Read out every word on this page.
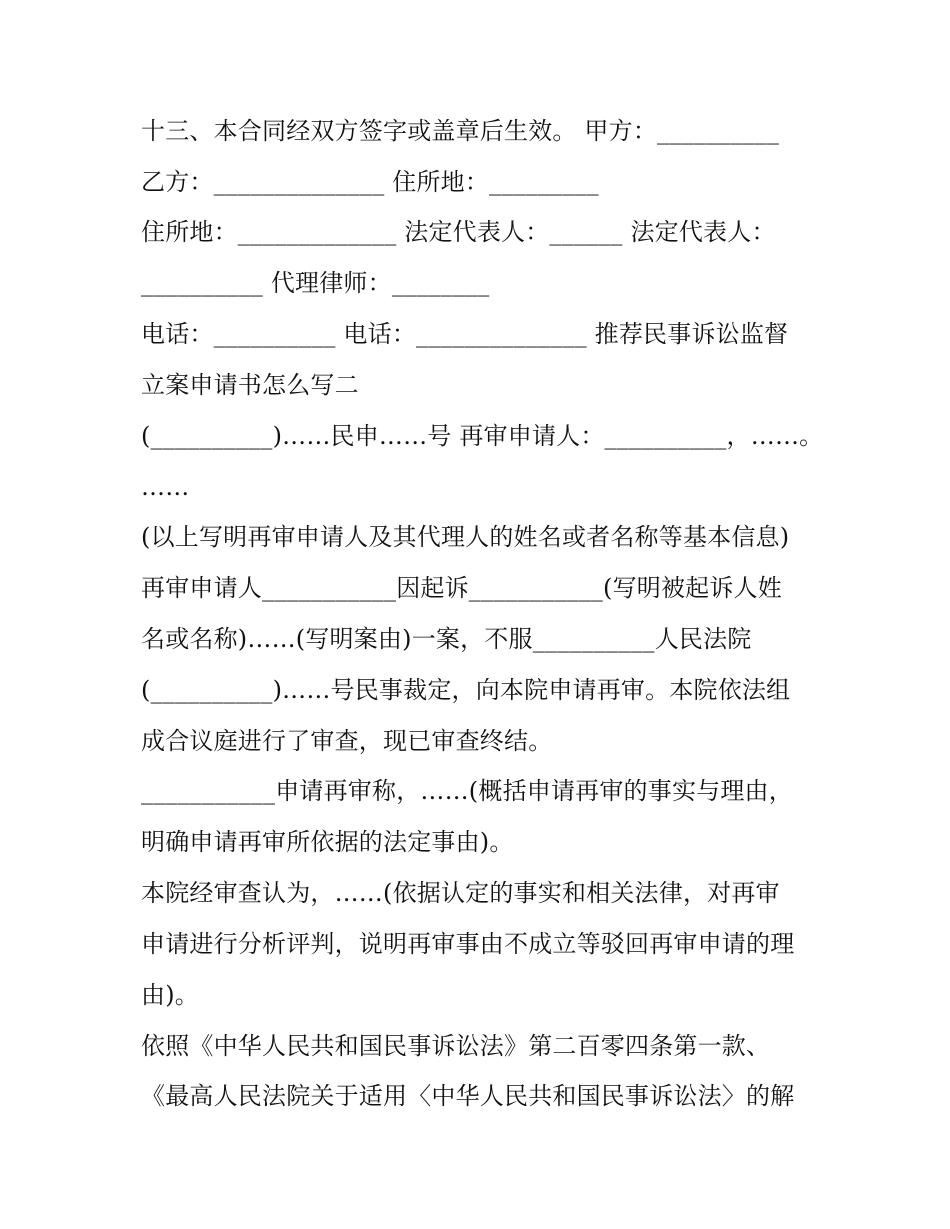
十三、本合同经双方签字或盖章后生效。 甲方：__________
乙方：______________ 住所地：_________
住所地：_____________ 法定代表人：______ 法定代表人：
__________ 代理律师：________
电话：__________ 电话：______________ 推荐民事诉讼监督
立案申请书怎么写二
(__________)……民申……号 再审申请人：__________，……。
……
(以上写明再审申请人及其代理人的姓名或者名称等基本信息)
再审申请人___________因起诉___________(写明被起诉人姓
名或名称)……(写明案由)一案，不服__________人民法院
(__________)……号民事裁定，向本院申请再审。本院依法组
成合议庭进行了审查，现已审查终结。
___________申请再审称，……(概括申请再审的事实与理由，
明确申请再审所依据的法定事由)。
本院经审查认为，……(依据认定的事实和相关法律，对再审
申请进行分析评判，说明再审事由不成立等驳回再审申请的理
由)。
依照《中华人民共和国民事诉讼法》第二百零四条第一款、
《最高人民法院关于适用〈中华人民共和国民事诉讼法〉的解
